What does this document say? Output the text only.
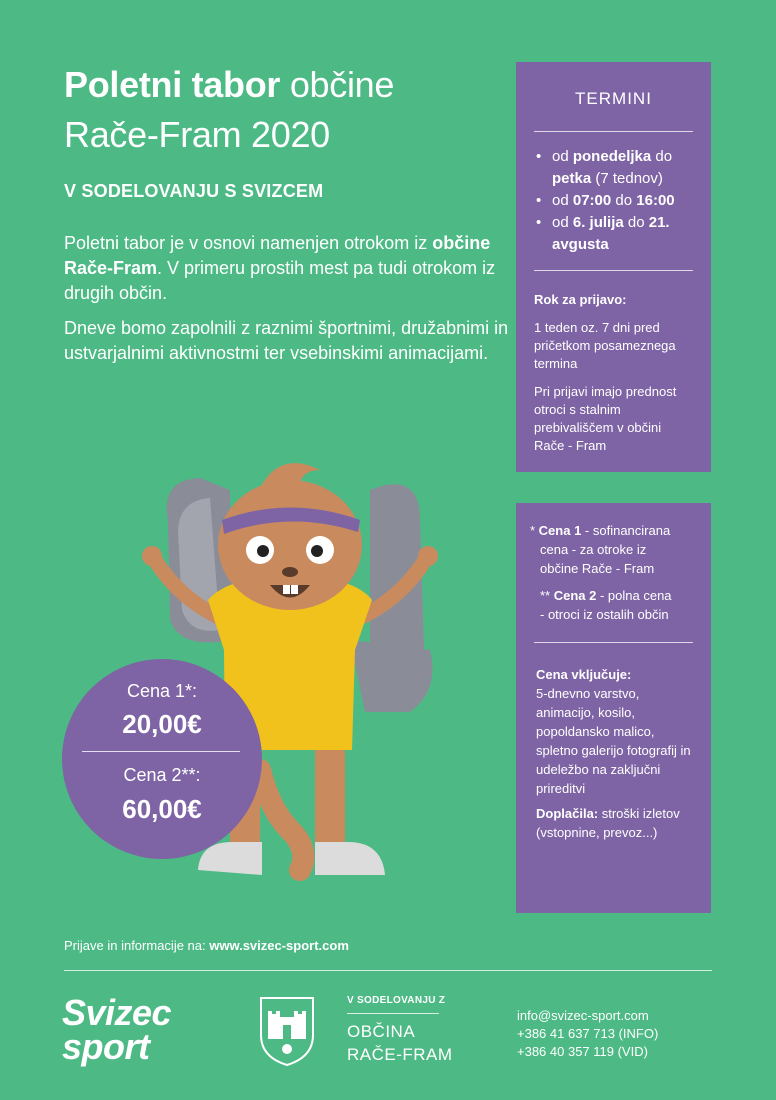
Poletni tabor občine
Rače-Fram 2020
V SODELOVANJU S SVIZCEM

Poletni tabor je v osnovi namenjen otrokom iz občine Rače-Fram. V primeru prostih mest pa tudi otrokom iz drugih občin.

Dneve bomo zapolnili z raznimi športnimi, družabnimi in ustvarjalnimi aktivnostmi ter vsebinskimi animacijami.

TERMINI
• od ponedeljka do petka (7 tednov)
• od 07:00 do 16:00
• od 6. julija do 21. avgusta
Rok za prijavo:

1 teden oz. 7 dni pred pričetkom posameznega termina

Pri prijavi imajo prednost otroci s stalnim prebivališčem v občini Rače - Fram

* Cena 1 - sofinancirana
cena - za otroke iz
občine Rače - Fram
** Cena 2 - polna cena
- otroci iz ostalih občin
Cena vključuje:
5-dnevno varstvo, animacijo, kosilo, popoldansko malico, spletno galerijo fotografij in udeležbo na zaključni prireditvi
Doplačila: stroški izletov (vstopnine, prevoz...)
Cena 1*:
20,00€
Cena 2**:
60,00€
Prijave in informacije na: www.svizec-sport.com
Svizec
sport
V SODELOVANJU Z
OBČINA
RAČE-FRAM
info@svizec-sport.com
+386 41 637 713 (INFO)
+386 40 357 119 (VID)
